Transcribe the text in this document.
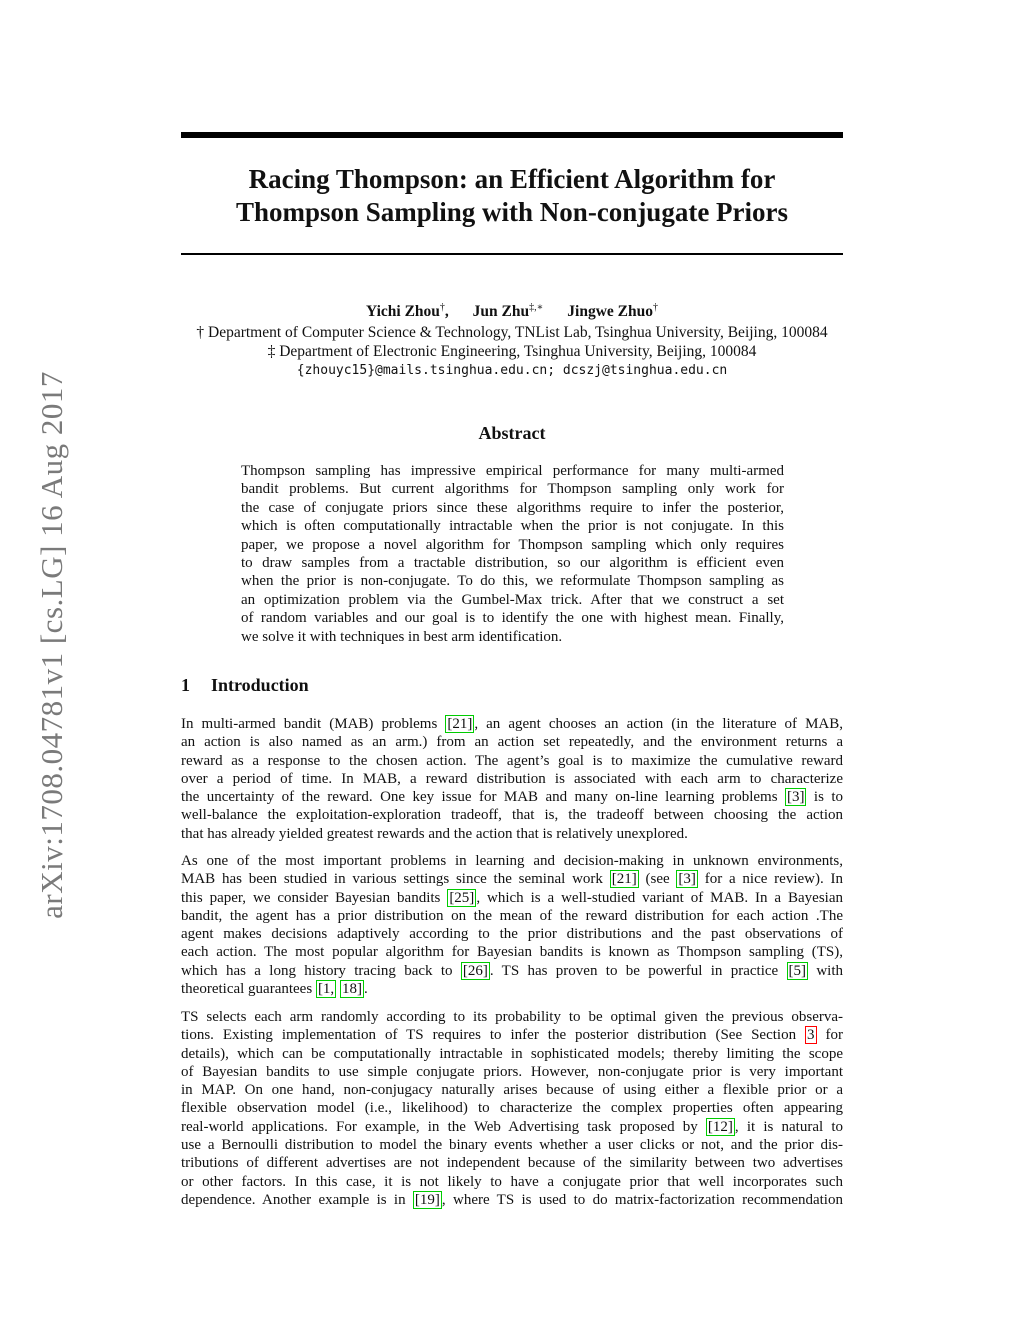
arXiv:1708.04781v1 [cs.LG] 16 Aug 2017
Racing Thompson: an Efficient Algorithm for
Thompson Sampling with Non-conjugate Priors
Yichi Zhou†, Jun Zhu‡,∗ Jingwe Zhuo†
† Department of Computer Science & Technology, TNList Lab, Tsinghua University, Beijing, 100084
‡ Department of Electronic Engineering, Tsinghua University, Beijing, 100084
{zhouyc15}@mails.tsinghua.edu.cn; dcszj@tsinghua.edu.cn
Abstract
Thompson sampling has impressive empirical performance for many multi-armed
bandit problems. But current algorithms for Thompson sampling only work for
the case of conjugate priors since these algorithms require to infer the posterior,
which is often computationally intractable when the prior is not conjugate. In this
paper, we propose a novel algorithm for Thompson sampling which only requires
to draw samples from a tractable distribution, so our algorithm is efficient even
when the prior is non-conjugate. To do this, we reformulate Thompson sampling as
an optimization problem via the Gumbel-Max trick. After that we construct a set
of random variables and our goal is to identify the one with highest mean. Finally,
we solve it with techniques in best arm identification.
1 Introduction
In multi-armed bandit (MAB) problems [21] , an agent chooses an action (in the literature of MAB,
an action is also named as an arm.) from an action set repeatedly, and the environment returns a
reward as a response to the chosen action. The agent’s goal is to maximize the cumulative reward
over a period of time. In MAB, a reward distribution is associated with each arm to characterize
the uncertainty of the reward. One key issue for MAB and many on-line learning problems [3] is to
well-balance the exploitation-exploration tradeoff, that is, the tradeoff between choosing the action
that has already yielded greatest rewards and the action that is relatively unexplored.
As one of the most important problems in learning and decision-making in unknown environments,
MAB has been studied in various settings since the seminal work [21] (see [3] for a nice review). In
this paper, we consider Bayesian bandits [25] , which is a well-studied variant of MAB. In a Bayesian
bandit, the agent has a prior distribution on the mean of the reward distribution for each action .The
agent makes decisions adaptively according to the prior distributions and the past observations of
each action. The most popular algorithm for Bayesian bandits is known as Thompson sampling (TS),
which has a long history tracing back to [26] . TS has proven to be powerful in practice [5] with
theoretical guarantees [1, 18] .
TS selects each arm randomly according to its probability to be optimal given the previous observa-
tions. Existing implementation of TS requires to infer the posterior distribution (See Section 3 for
details), which can be computationally intractable in sophisticated models; thereby limiting the scope
of Bayesian bandits to use simple conjugate priors. However, non-conjugate prior is very important
in MAP. On one hand, non-conjugacy naturally arises because of using either a flexible prior or a
flexible observation model (i.e., likelihood) to characterize the complex properties often appearing
real-world applications. For example, in the Web Advertising task proposed by [12] , it is natural to
use a Bernoulli distribution to model the binary events whether a user clicks or not, and the prior dis-
tributions of different advertises are not independent because of the similarity between two advertises
or other factors. In this case, it is not likely to have a conjugate prior that well incorporates such
dependence. Another example is in [19] , where TS is used to do matrix-factorization recommendation
